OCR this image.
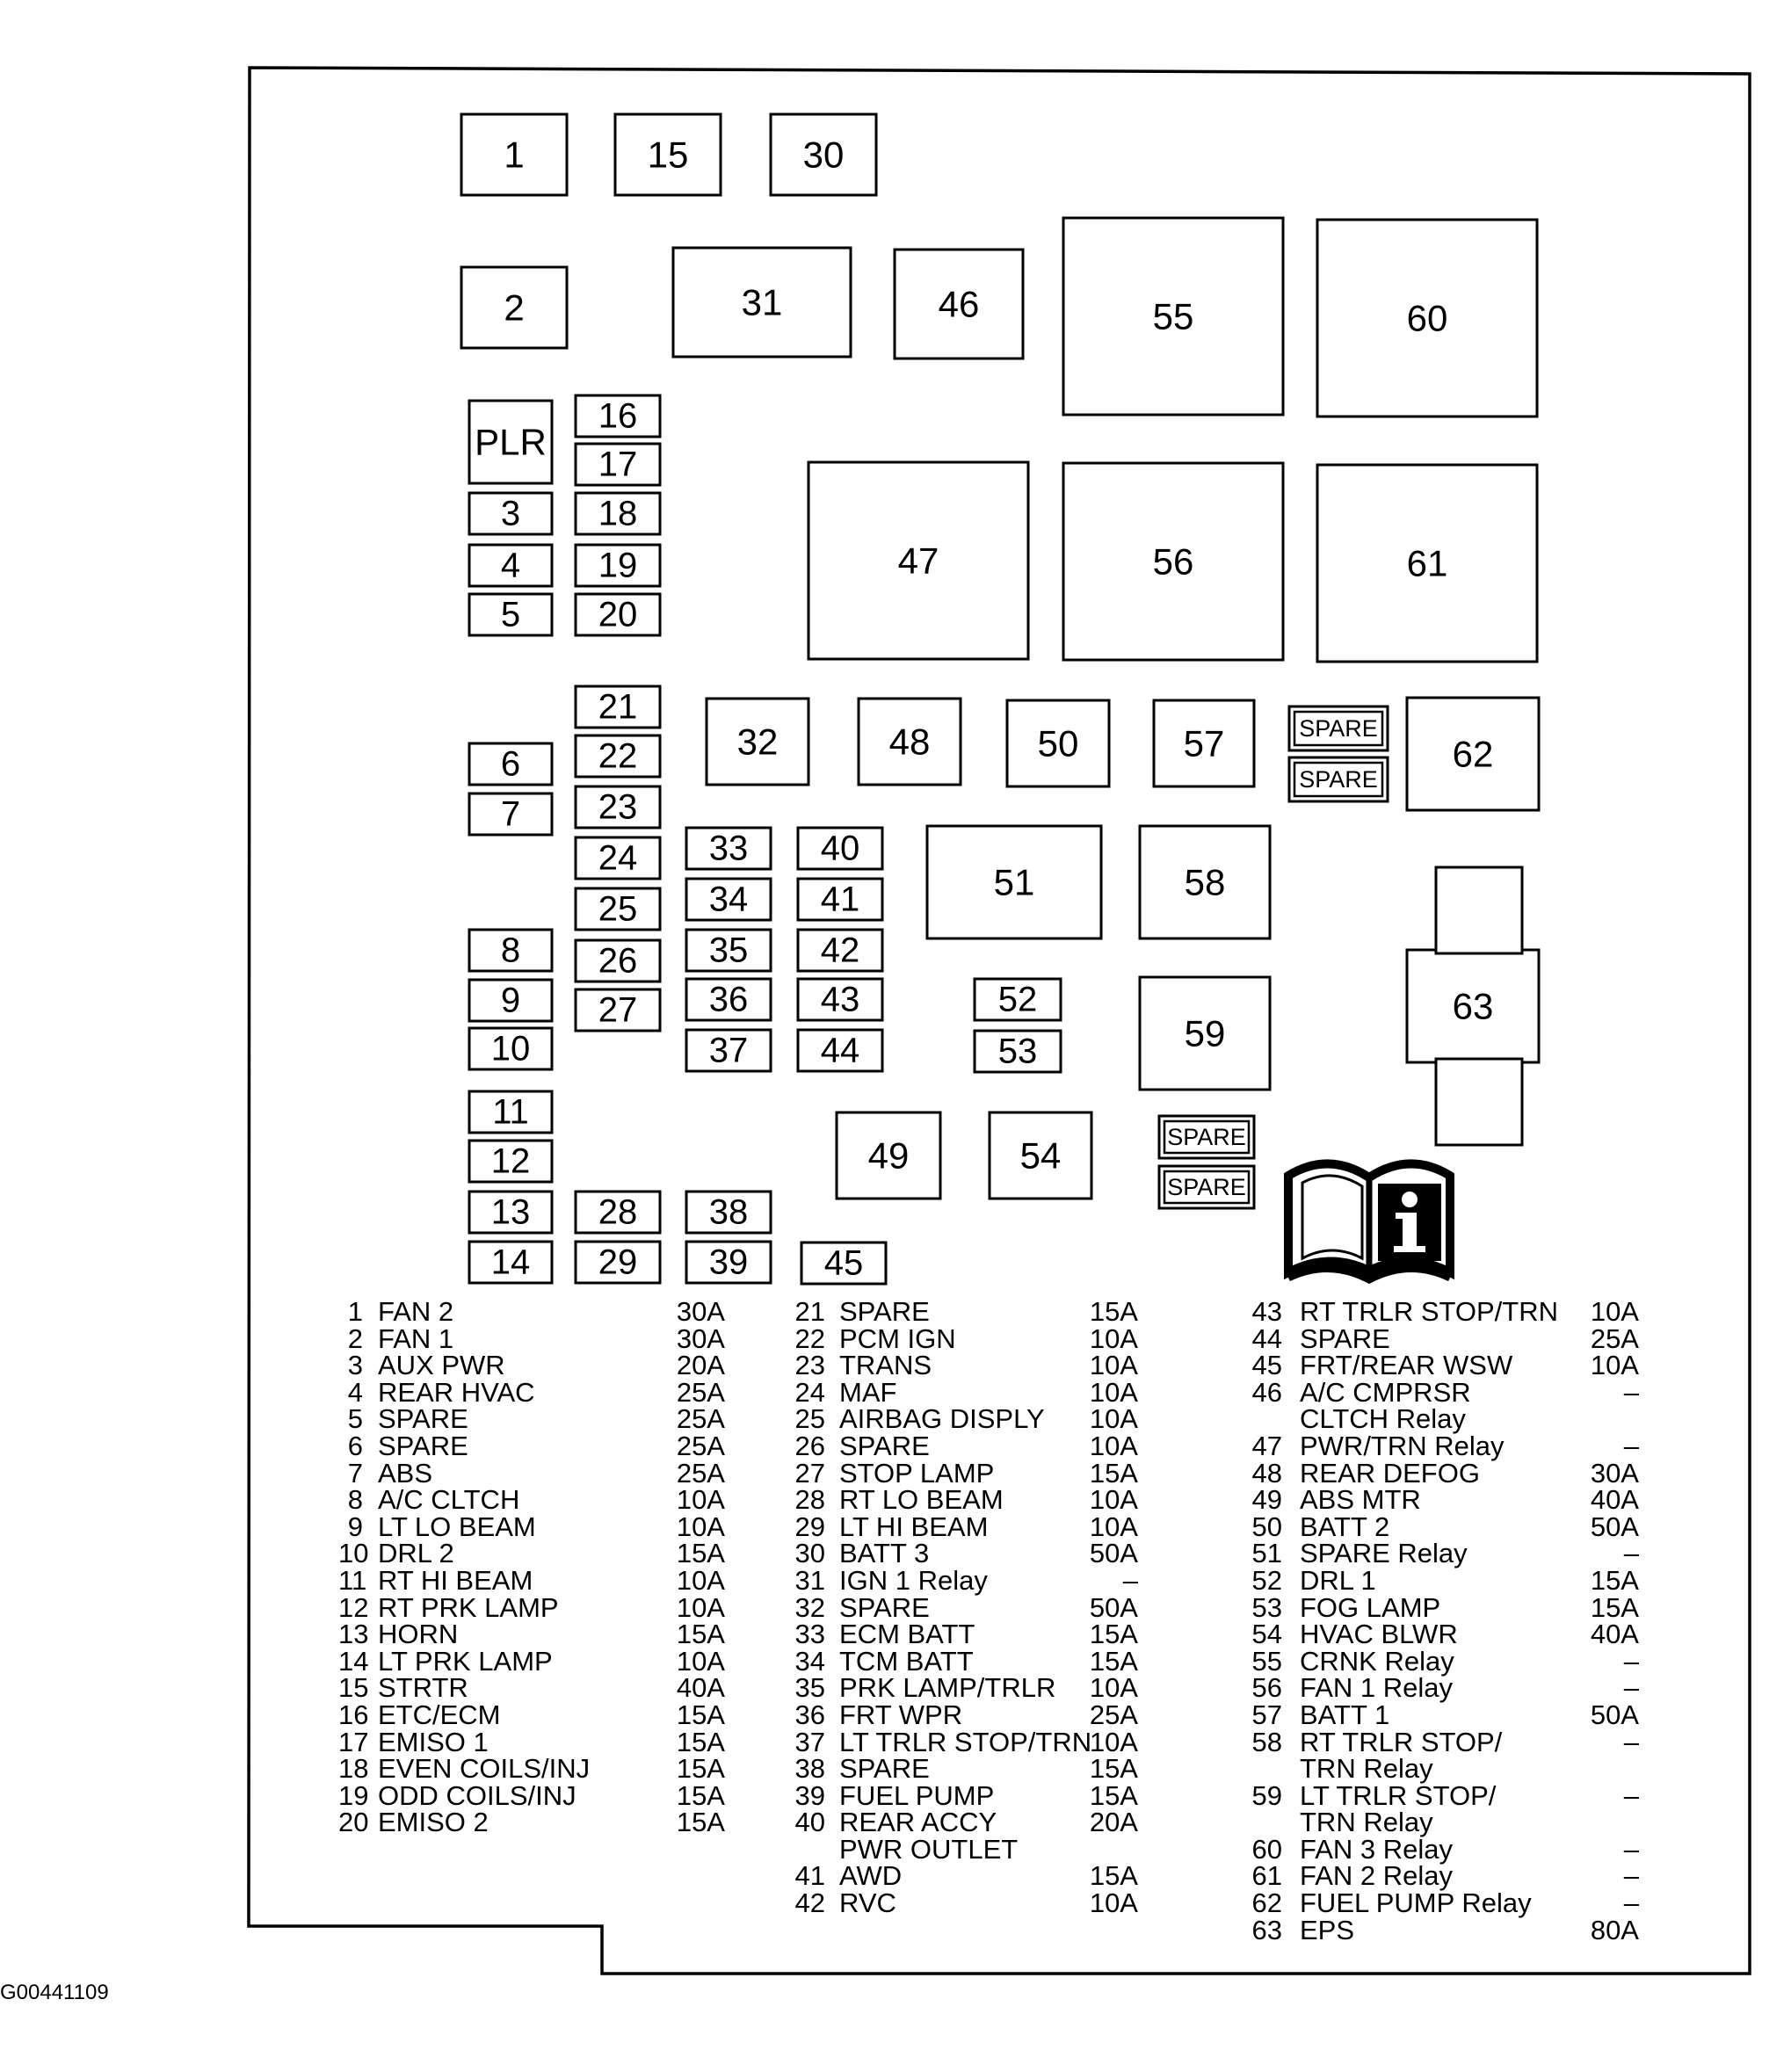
1	15	30
2	31	46	55	60
PLR
16
17
3 18
4 19
5 20
47	56	61
21
22
23
24
25
26
27
6
7
8
9
10
11
12
13
14
28
29
38
39
32	48	50	57	SPARE
SPARE
62
33
34
35
36
37
40
41
42
43
44
51	58
52
53	59
63
49	54	SPARE
SPARE
45
1 FAN 2	30A
2 FAN 1	30A
3 AUX PWR	20A
4 REAR HVAC	25A
5 SPARE	25A
6 SPARE	25A
7 ABS	25A
8 A/C CLTCH	10A
9 LT LO BEAM	10A
10 DRL 2	15A
11 RT HI BEAM	10A
12 RT PRK LAMP	10A
13 HORN	15A
14 LT PRK LAMP	10A
15 STRTR	40A
16 ETC/ECM	15A
17 EMISO 1	15A
18 EVEN COILS/INJ	15A
19 ODD COILS/INJ	15A
20 EMISO 2	15A
21 SPARE	15A
22 PCM IGN	10A
23 TRANS	10A
24 MAF	10A
25 AIRBAG DISPLY	10A
26 SPARE	10A
27 STOP LAMP	15A
28 RT LO BEAM	10A
29 LT HI BEAM	10A
30 BATT 3	50A
31 IGN 1 Relay	–
32 SPARE	50A
33 ECM BATT	15A
34 TCM BATT	15A
35 PRK LAMP/TRLR	10A
36 FRT WPR	25A
37 LT TRLR STOP/TRN
10A
38 SPARE	15A
39 FUEL PUMP	15A
40 REAR ACCY	20A
PWR OUTLET
41 AWD	15A
42 RVC	10A
43 RT TRLR STOP/TRN	10A
44 SPARE	25A
45 FRT/REAR WSW	10A
46 A/C CMPRSR	–
CLTCH Relay
47 PWR/TRN Relay	–
48 REAR DEFOG	30A
49 ABS MTR	40A
50 BATT 2	50A
51 SPARE Relay	–
52 DRL 1	15A
53 FOG LAMP	15A
54 HVAC BLWR	40A
55 CRNK Relay	–
56 FAN 1 Relay	–
57 BATT 1	50A
58 RT TRLR STOP/	–
TRN Relay
59 LT TRLR STOP/	–
TRN Relay
60 FAN 3 Relay	–
61 FAN 2 Relay	–
62 FUEL PUMP Relay	–
63 EPS	80A
G00441109
